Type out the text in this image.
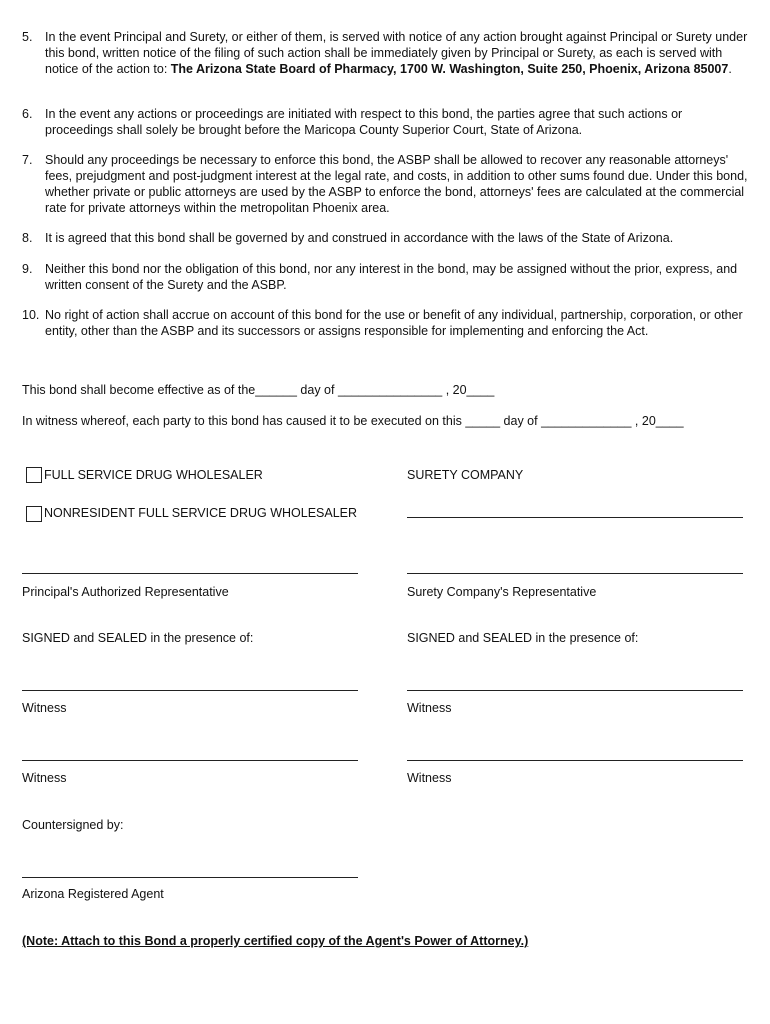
5. In the event Principal and Surety, or either of them, is served with notice of any action brought against Principal or Surety under this bond, written notice of the filing of such action shall be immediately given by Principal or Surety, as each is served with notice of the action to: The Arizona State Board of Pharmacy, 1700 W. Washington, Suite 250, Phoenix, Arizona 85007.
6. In the event any actions or proceedings are initiated with respect to this bond, the parties agree that such actions or proceedings shall solely be brought before the Maricopa County Superior Court, State of Arizona.
7. Should any proceedings be necessary to enforce this bond, the ASBP shall be allowed to recover any reasonable attorneys' fees, prejudgment and post-judgment interest at the legal rate, and costs, in addition to other sums found due. Under this bond, whether private or public attorneys are used by the ASBP to enforce the bond, attorneys' fees are calculated at the commercial rate for private attorneys within the metropolitan Phoenix area.
8. It is agreed that this bond shall be governed by and construed in accordance with the laws of the State of Arizona.
9. Neither this bond nor the obligation of this bond, nor any interest in the bond, may be assigned without the prior, express, and written consent of the Surety and the ASBP.
10. No right of action shall accrue on account of this bond for the use or benefit of any individual, partnership, corporation, or other entity, other than the ASBP and its successors or assigns responsible for implementing and enforcing the Act.
This bond shall become effective as of the______ day of _______________ , 20____
In witness whereof, each party to this bond has caused it to be executed on this _____ day of _____________ , 20____
FULL SERVICE DRUG WHOLESALER
NONRESIDENT FULL SERVICE DRUG WHOLESALER
SURETY COMPANY
Principal's Authorized Representative	Surety Company's Representative
SIGNED and SEALED in the presence of:	SIGNED and SEALED in the presence of:
Witness	Witness
Witness	Witness
Countersigned by:
Arizona Registered Agent
(Note: Attach to this Bond a properly certified copy of the Agent's Power of Attorney.)
